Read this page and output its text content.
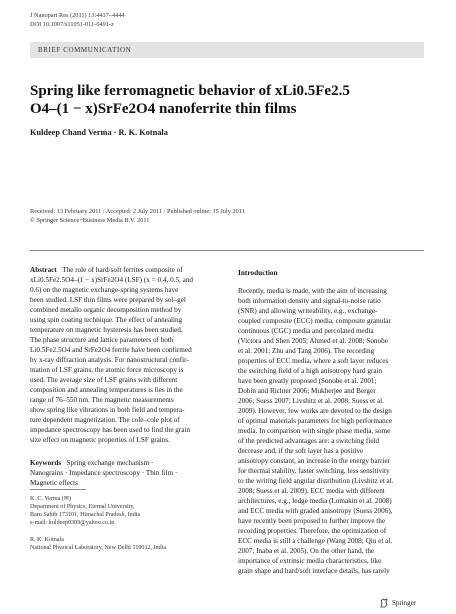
J Nanopart Res (2011) 13:4437–4444
DOI 10.1007/s11051-011-0491-z
BRIEF COMMUNICATION
Spring like ferromagnetic behavior of xLi0.5Fe2.5
O4–(1 − x)SrFe2O4 nanoferrite thin films
Kuldeep Chand Verma · R. K. Kotnala
Received: 13 February 2011 / Accepted: 2 July 2011 / Published online: 15 July 2011
© Springer Science+Business Media B.V. 2011
Abstract The role of hard/soft ferrites composite of
xLi0.5Fe2.5O4–(1 − x)SrFe2O4 (LSF) (x = 0.4, 0.5, and
0.6) on the magnetic exchange-spring systems have
been studied. LSF thin films were prepared by sol–gel
combined metallo organic decomposition method by
using spin coating technique. The effect of annealing
temperature on magnetic hysteresis has been studied.
The phase structure and lattice parameters of both
Li0.5Fe2.5O4 and SrFe2O4 ferrite have been confirmed
by x-ray diffraction analysis. For nanostructural confir-
mation of LSF grains, the atomic force microscopy is
used. The average size of LSF grains with different
composition and annealing temperatures is lies in the
range of 76–550 nm. The magnetic measurements
show spring like vibrations in both field and tempera-
ture dependent magnetization. The cole–cole plot of
impedance spectroscopy has been used to find the grain
size effect on magnetic properties of LSF grains.
Keywords Spring exchange mechanism ·
Nanograins · Impedance spectroscopy · Thin film ·
Magnetic effects
K. C. Verma (✉)
Department of Physics, Eternal University,
Baru Sahib 173101, Himachal Pradesh, India
e-mail: kuldeep0309@yahoo.co.in
R. K. Kotnala
National Physical Laboratory, New Delhi 110012, India
Introduction
Recently, media is made, with the aim of increasing
both information density and signal-to-noise ratio
(SNR) and allowing writeability, e.g., exchange-
coupled composite (ECC) media, composite granular
continuous (CGC) media and percolated media
(Victora and Shen 2005; Ahmed et al. 2008; Sonobe
et al. 2001; Zhu and Tang 2006). The recording
properties of ECC media, where a soft layer reduces
the switching field of a high anisotropy hard grain
have been greatly proposed (Sonobe et al. 2001;
Dobin and Richter 2006; Mukherjee and Berger
2006; Suess 2007; Livshitz et al. 2008; Suess et al.
2009). However, few works are devoted to the design
of optimal materials parameters for high performance
media. In comparison with single phase media, some
of the predicted advantages are: a switching field
decrease and, if the soft layer has a positive
anisotropy constant, an increase in the energy barrier
for thermal stability, faster switching, less sensitivity
to the writing field angular distribution (Livshitz et al.
2008; Suess et al. 2009). ECC media with different
architectures, e.g., ledge media (Lomakin et al. 2008)
and ECC media with graded anisotropy (Suess 2006),
have recently been proposed to further improve the
recording properties. Therefore, the optimization of
ECC media is still a challenge (Wang 2008; Qiu et al.
2007; Inaba et al. 2005). On the other hand, the
importance of extrinsic media characteristics, like
grain shape and hard/soft interface details, has rarely
Springer
